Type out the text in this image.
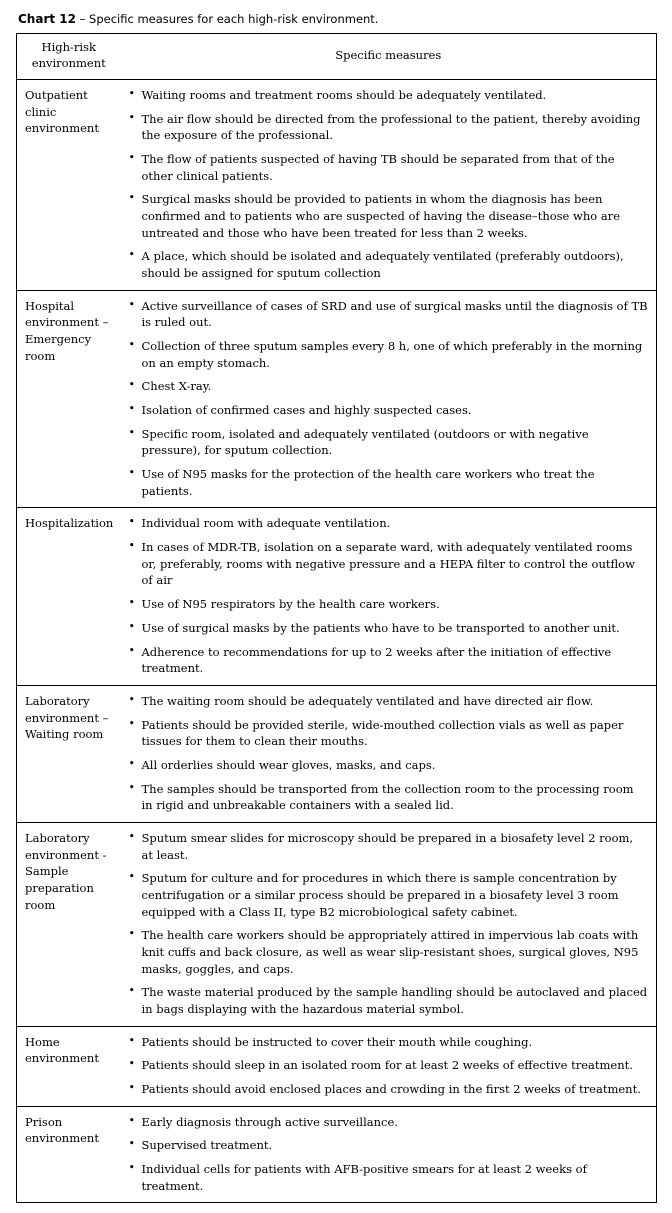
Chart 12 – Specific measures for each high-risk environment.
High-risk environment	Specific measures
Outpatient clinic environment	
• Waiting rooms and treatment rooms should be adequately ventilated.
• The air flow should be directed from the professional to the patient, thereby avoiding the exposure of the professional.
• The flow of patients suspected of having TB should be separated from that of the other clinical patients.
• Surgical masks should be provided to patients in whom the diagnosis has been confirmed and to patients who are suspected of having the disease–those who are untreated and those who have been treated for less than 2 weeks.
• A place, which should be isolated and adequately ventilated (preferably outdoors), should be assigned for sputum collection

Hospital environment – Emergency room	
• Active surveillance of cases of SRD and use of surgical masks until the diagnosis of TB is ruled out.
• Collection of three sputum samples every 8 h, one of which preferably in the morning on an empty stomach.
• Chest X-ray.
• Isolation of confirmed cases and highly suspected cases.
• Specific room, isolated and adequately ventilated (outdoors or with negative pressure), for sputum collection.
• Use of N95 masks for the protection of the health care workers who treat the patients.

Hospitalization	
•Individual room with adequate ventilation.
• In cases of MDR-TB, isolation on a separate ward, with adequately ventilated rooms or, preferably, rooms with negative pressure and a HEPA filter to control the outflow of air
• Use of N95 respirators by the health care workers.
• Use of surgical masks by the patients who have to be transported to another unit.
• Adherence to recommendations for up to 2 weeks after the initiation of effective treatment.

Laboratory environment – Waiting room	
• The waiting room should be adequately ventilated and have directed air flow.
• Patients should be provided sterile, wide-mouthed collection vials as well as paper tissues for them to clean their mouths.
• All orderlies should wear gloves, masks, and caps.
• The samples should be transported from the collection room to the processing room in rigid and unbreakable containers with a sealed lid.

Laboratory environment - Sample preparation room	
• Sputum smear slides for microscopy should be prepared in a biosafety level 2 room, at least.
• Sputum for culture and for procedures in which there is sample concentration by centrifugation or a similar process should be prepared in a biosafety level 3 room equipped with a Class II, type B2 microbiological safety cabinet.
• The health care workers should be appropriately attired in impervious lab coats with knit cuffs and back closure, as well as wear slip-resistant shoes, surgical gloves, N95 masks, goggles, and caps.
• The waste material produced by the sample handling should be autoclaved and placed in bags displaying with the hazardous material symbol.

Home environment	
• Patients should be instructed to cover their mouth while coughing.
• Patients should sleep in an isolated room for at least 2 weeks of effective treatment.
• Patients should avoid enclosed places and crowding in the first 2 weeks of treatment.

Prison environment	
• Early diagnosis through active surveillance.
• Supervised treatment.
• Individual cells for patients with AFB-positive smears for at least 2 weeks of treatment.
